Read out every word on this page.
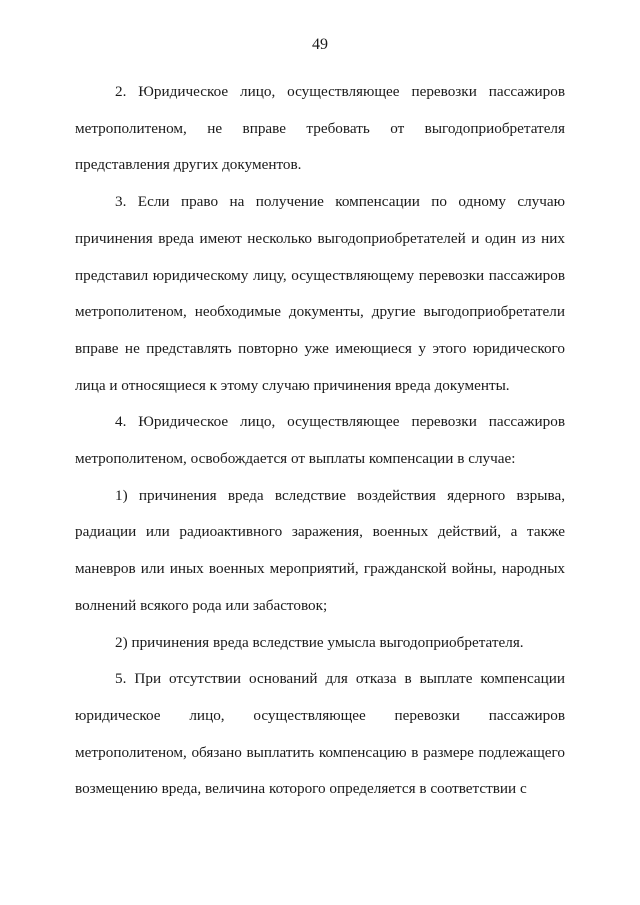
49

2. Юридическое лицо, осуществляющее перевозки пассажиров метрополитеном, не вправе требовать от выгодоприобретателя представления других документов.

3. Если право на получение компенсации по одному случаю причинения вреда имеют несколько выгодоприобретателей и один из них представил юридическому лицу, осуществляющему перевозки пассажиров метрополитеном, необходимые документы, другие выгодоприобретатели вправе не представлять повторно уже имеющиеся у этого юридического лица и относящиеся к этому случаю причинения вреда документы.

4. Юридическое лицо, осуществляющее перевозки пассажиров метрополитеном, освобождается от выплаты компенсации в случае:

1) причинения вреда вследствие воздействия ядерного взрыва, радиации или радиоактивного заражения, военных действий, а также маневров или иных военных мероприятий, гражданской войны, народных волнений всякого рода или забастовок;

2) причинения вреда вследствие умысла выгодоприобретателя.

5. При отсутствии оснований для отказа в выплате компенсации юридическое лицо, осуществляющее перевозки пассажиров метрополитеном, обязано выплатить компенсацию в размере подлежащего возмещению вреда, величина которого определяется в соответствии с
